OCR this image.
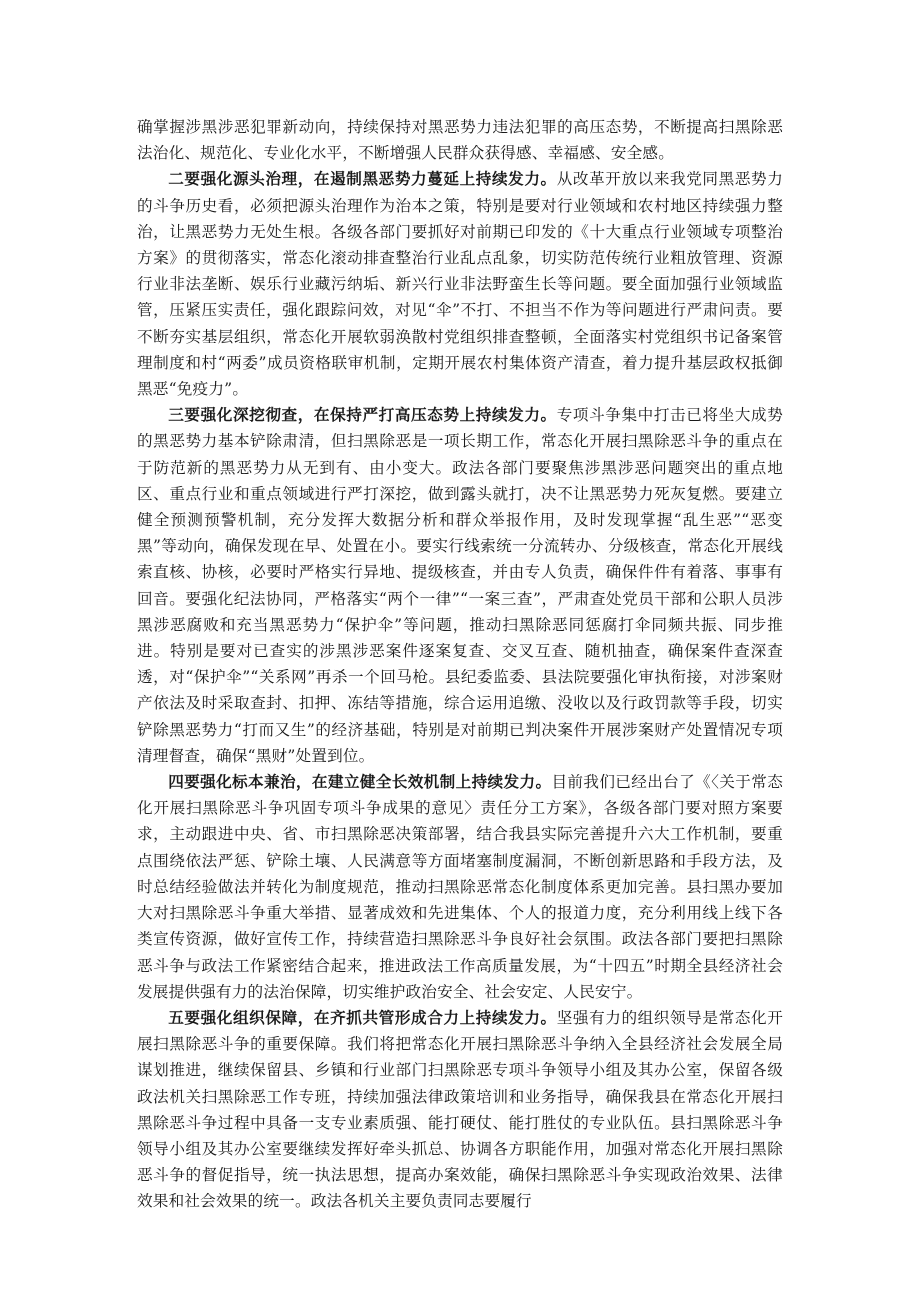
确掌握涉黑涉恶犯罪新动向，持续保持对黑恶势力违法犯罪的高压态势，不断提高扫黑除恶法治化、规范化、专业化水平，不断增强人民群众获得感、幸福感、安全感。

二要强化源头治理，在遏制黑恶势力蔓延上持续发力。从改革开放以来我党同黑恶势力的斗争历史看，必须把源头治理作为治本之策，特别是要对行业领域和农村地区持续强力整治，让黑恶势力无处生根。各级各部门要抓好对前期已印发的《十大重点行业领域专项整治方案》的贯彻落实，常态化滚动排查整治行业乱点乱象，切实防范传统行业粗放管理、资源行业非法垄断、娱乐行业藏污纳垢、新兴行业非法野蛮生长等问题。要全面加强行业领域监管，压紧压实责任，强化跟踪问效，对见“伞”不打、不担当不作为等问题进行严肃问责。要不断夯实基层组织，常态化开展软弱涣散村党组织排查整顿，全面落实村党组织书记备案管理制度和村“两委”成员资格联审机制，定期开展农村集体资产清查，着力提升基层政权抵御黑恶“免疫力”。

三要强化深挖彻查，在保持严打高压态势上持续发力。专项斗争集中打击已将坐大成势的黑恶势力基本铲除肃清，但扫黑除恶是一项长期工作，常态化开展扫黑除恶斗争的重点在于防范新的黑恶势力从无到有、由小变大。政法各部门要聚焦涉黑涉恶问题突出的重点地区、重点行业和重点领域进行严打深挖，做到露头就打，决不让黑恶势力死灰复燃。要建立健全预测预警机制，充分发挥大数据分析和群众举报作用，及时发现掌握“乱生恶”“恶变黑”等动向，确保发现在早、处置在小。要实行线索统一分流转办、分级核查，常态化开展线索直核、协核，必要时严格实行异地、提级核查，并由专人负责，确保件件有着落、事事有回音。要强化纪法协同，严格落实“两个一律”“一案三查”，严肃查处党员干部和公职人员涉黑涉恶腐败和充当黑恶势力“保护伞”等问题，推动扫黑除恶同惩腐打伞同频共振、同步推进。特别是要对已查实的涉黑涉恶案件逐案复查、交叉互查、随机抽查，确保案件查深查透，对“保护伞”“关系网”再杀一个回马枪。县纪委监委、县法院要强化审执衔接，对涉案财产依法及时采取查封、扣押、冻结等措施，综合运用追缴、没收以及行政罚款等手段，切实铲除黑恶势力“打而又生”的经济基础，特别是对前期已判决案件开展涉案财产处置情况专项清理督查，确保“黑财”处置到位。

四要强化标本兼治，在建立健全长效机制上持续发力。目前我们已经出台了《〈关于常态化开展扫黑除恶斗争巩固专项斗争成果的意见〉责任分工方案》，各级各部门要对照方案要求，主动跟进中央、省、市扫黑除恶决策部署，结合我县实际完善提升六大工作机制，要重点围绕依法严惩、铲除土壤、人民满意等方面堵塞制度漏洞，不断创新思路和手段方法，及时总结经验做法并转化为制度规范，推动扫黑除恶常态化制度体系更加完善。县扫黑办要加大对扫黑除恶斗争重大举措、显著成效和先进集体、个人的报道力度，充分利用线上线下各类宣传资源，做好宣传工作，持续营造扫黑除恶斗争良好社会氛围。政法各部门要把扫黑除恶斗争与政法工作紧密结合起来，推进政法工作高质量发展，为“十四五”时期全县经济社会发展提供强有力的法治保障，切实维护政治安全、社会安定、人民安宁。

五要强化组织保障，在齐抓共管形成合力上持续发力。坚强有力的组织领导是常态化开展扫黑除恶斗争的重要保障。我们将把常态化开展扫黑除恶斗争纳入全县经济社会发展全局谋划推进，继续保留县、乡镇和行业部门扫黑除恶专项斗争领导小组及其办公室，保留各级政法机关扫黑除恶工作专班，持续加强法律政策培训和业务指导，确保我县在常态化开展扫黑除恶斗争过程中具备一支专业素质强、能打硬仗、能打胜仗的专业队伍。县扫黑除恶斗争领导小组及其办公室要继续发挥好牵头抓总、协调各方职能作用，加强对常态化开展扫黑除恶斗争的督促指导，统一执法思想，提高办案效能，确保扫黑除恶斗争实现政治效果、法律效果和社会效果的统一。政法各机关主要负责同志要履行
